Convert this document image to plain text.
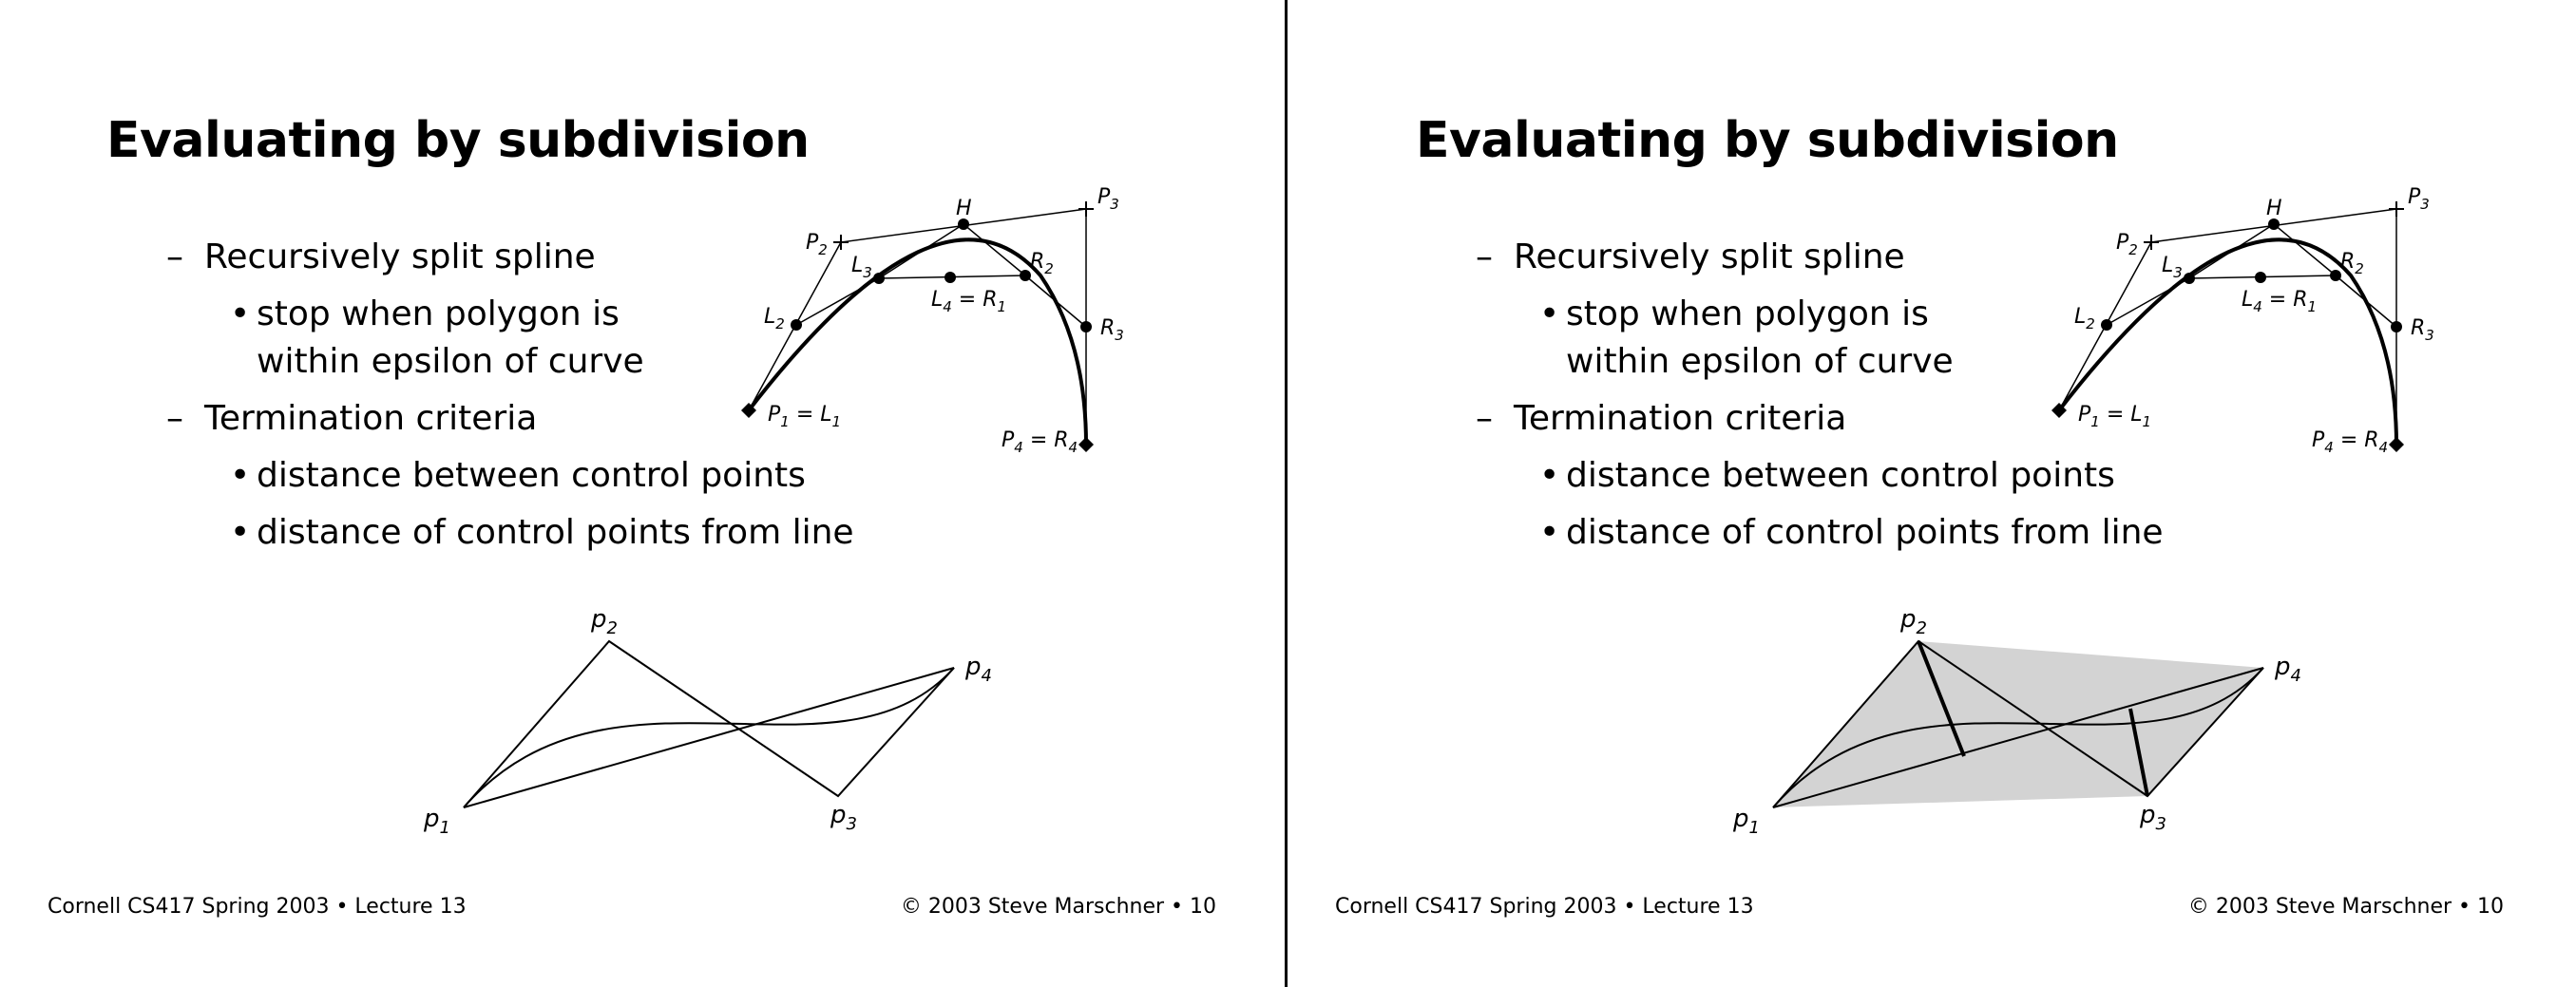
Evaluating by subdivision
– Recursively split spline
• stop when polygon is
within epsilon of curve
– Termination criteria
• distance between control points
• distance of control points from line
$P_1 = L_1$
$P_2$
$P_3$
$P_4 = R_4$
H
$L_2$
$L_3$
$L_4 = R_1$
$R_2$
$R_3$
$p_1$
$p_2$
$p_3$
$p_4$
Cornell CS417 Spring 2003 • Lecture 13	© 2003 Steve Marschner • 10
Evaluating by subdivision
– Recursively split spline
• stop when polygon is
within epsilon of curve
– Termination criteria
• distance between control points
• distance of control points from line
$P_1 = L_1$
$P_2$
$P_3$
$P_4 = R_4$
H
$L_2$
$L_3$
$L_4 = R_1$
$R_2$
$R_3$
$p_1$
$p_2$
$p_3$
$p_4$
Cornell CS417 Spring 2003 • Lecture 13	© 2003 Steve Marschner • 10
